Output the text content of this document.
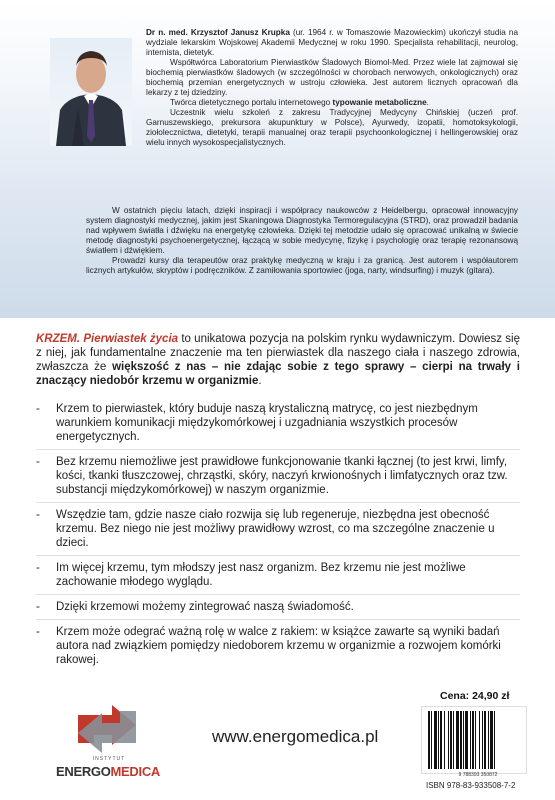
Dr n. med. Krzysztof Janusz Krupka (ur. 1964 r. w Tomaszowie Mazowieckim) ukończył studia na wydziale lekarskim Wojskowej Akademii Medycznej w roku 1990. Specjalista rehabilitacji, neurolog, internista, dietetyk.

Współtwórca Laboratorium Pierwiastków Śladowych Biomol-Med. Przez wiele lat zajmował się biochemią pierwiastków śladowych (w szczególności w chorobach nerwowych, onkologicznych) oraz biochemią przemian energetycznych w ustroju człowieka. Jest autorem licznych opracowań dla lekarzy z tej dziedziny.

Twórca dietetycznego portalu internetowego typowanie metaboliczne.

Uczestnik wielu szkoleń z zakresu Tradycyjnej Medycyny Chińskiej (uczeń prof. Garnuszewskiego, prekursora akupunktury w Polsce), Ayurwedy, izopatii, homotoksykologii, ziołolecznictwa, dietetyki, terapii manualnej oraz terapii psychoonkologicznej i hellingerowskiej oraz wielu innych wysokospecjalistycznych.

W ostatnich pięciu latach, dzięki inspiracji i współpracy naukowców z Heidelbergu, opracował innowacyjny system diagnostyki medycznej, jakim jest Skaningowa Diagnostyka Termoregulacyjna (STRD), oraz prowadził badania nad wpływem światła i dźwięku na energetykę człowieka. Dzięki tej metodzie udało się opracować unikalną w świecie metodę diagnostyki psychoenergetycznej, łączącą w sobie medycynę, fizykę i psychologię oraz terapię rezonansową światłem i dźwiękiem.

Prowadzi kursy dla terapeutów oraz praktykę medyczną w kraju i za granicą. Jest autorem i współautorem licznych artykułów, skryptów i podręczników. Z zamiłowania sportowiec (joga, narty, windsurfing) i muzyk (gitara).

KRZEM. Pierwiastek życia to unikatowa pozycja na polskim rynku wydawniczym. Dowiesz się z niej, jak fundamentalne znaczenie ma ten pierwiastek dla naszego ciała i naszego zdrowia, zwłaszcza że większość z nas – nie zdając sobie z tego sprawy – cierpi na trwały i znaczący niedobór krzemu w organizmie.

- Krzem to pierwiastek, który buduje naszą krystaliczną matrycę, co jest niezbędnym warunkiem komunikacji międzykomórkowej i uzgadniania wszystkich procesów energetycznych.
- Bez krzemu niemożliwe jest prawidłowe funkcjonowanie tkanki łącznej (to jest krwi, limfy, kości, tkanki tłuszczowej, chrząstki, skóry, naczyń krwionośnych i limfatycznych oraz tzw. substancji międzykomórkowej) w naszym organizmie.
- Wszędzie tam, gdzie nasze ciało rozwija się lub regeneruje, niezbędna jest obecność krzemu. Bez niego nie jest możliwy prawidłowy wzrost, co ma szczególne znaczenie u dzieci.
- Im więcej krzemu, tym młodszy jest nasz organizm. Bez krzemu nie jest możliwe zachowanie młodego wyglądu.
- Dzięki krzemowi możemy zintegrować naszą świadomość.
- Krzem może odegrać ważną rolę w walce z rakiem: w książce zawarte są wyniki badań autora nad związkiem pomiędzy niedoborem krzemu w organizmie a rozwojem komórki rakowej.
INSTYTUT
ENERGOMEDICA
www.energomedica.pl
Cena: 24,90 zł
9 788393 350872
ISBN 978-83-933508-7-2
